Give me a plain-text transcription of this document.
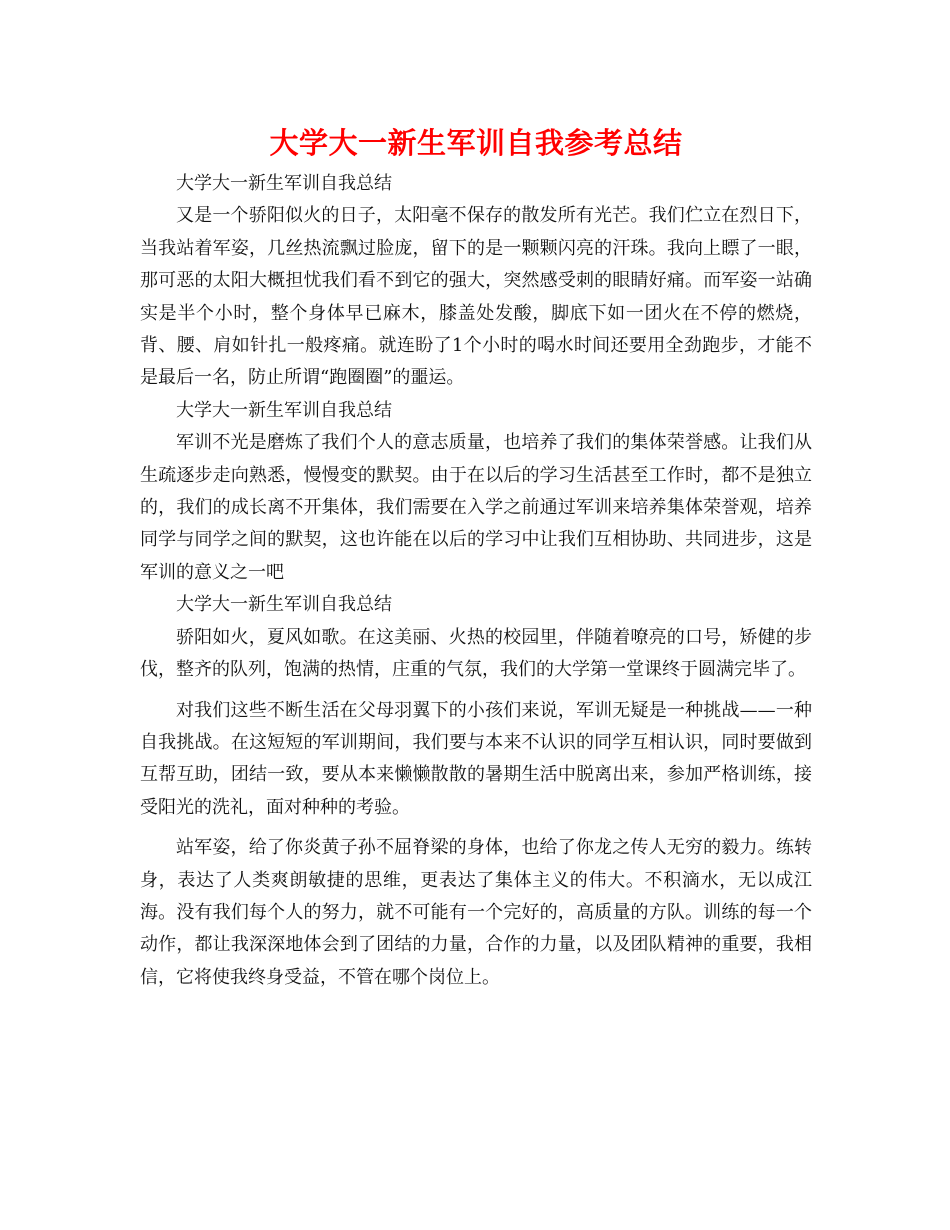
大学大一新生军训自我参考总结

大学大一新生军训自我总结

又是一个骄阳似火的日子，太阳毫不保存的散发所有光芒。我们伫立在烈日下，当我站着军姿，几丝热流飘过脸庞，留下的是一颗颗闪亮的汗珠。我向上瞟了一眼，那可恶的太阳大概担忧我们看不到它的强大，突然感受刺的眼睛好痛。而军姿一站确实是半个小时，整个身体早已麻木，膝盖处发酸，脚底下如一团火在不停的燃烧，背、腰、肩如针扎一般疼痛。就连盼了1个小时的喝水时间还要用全劲跑步，才能不是最后一名，防止所谓“跑圈圈”的噩运。

大学大一新生军训自我总结

军训不光是磨炼了我们个人的意志质量，也培养了我们的集体荣誉感。让我们从生疏逐步走向熟悉，慢慢变的默契。由于在以后的学习生活甚至工作时，都不是独立的，我们的成长离不开集体，我们需要在入学之前通过军训来培养集体荣誉观，培养同学与同学之间的默契，这也许能在以后的学习中让我们互相协助、共同进步，这是军训的意义之一吧

大学大一新生军训自我总结

骄阳如火，夏风如歌。在这美丽、火热的校园里，伴随着嘹亮的口号，矫健的步伐，整齐的队列，饱满的热情，庄重的气氛，我们的大学第一堂课终于圆满完毕了。

对我们这些不断生活在父母羽翼下的小孩们来说，军训无疑是一种挑战——一种自我挑战。在这短短的军训期间，我们要与本来不认识的同学互相认识，同时要做到互帮互助，团结一致，要从本来懒懒散散的暑期生活中脱离出来，参加严格训练，接受阳光的洗礼，面对种种的考验。

站军姿，给了你炎黄子孙不屈脊梁的身体，也给了你龙之传人无穷的毅力。练转身，表达了人类爽朗敏捷的思维，更表达了集体主义的伟大。不积滴水，无以成江海。没有我们每个人的努力，就不可能有一个完好的，高质量的方队。训练的每一个动作，都让我深深地体会到了团结的力量，合作的力量，以及团队精神的重要，我相信，它将使我终身受益，不管在哪个岗位上。
